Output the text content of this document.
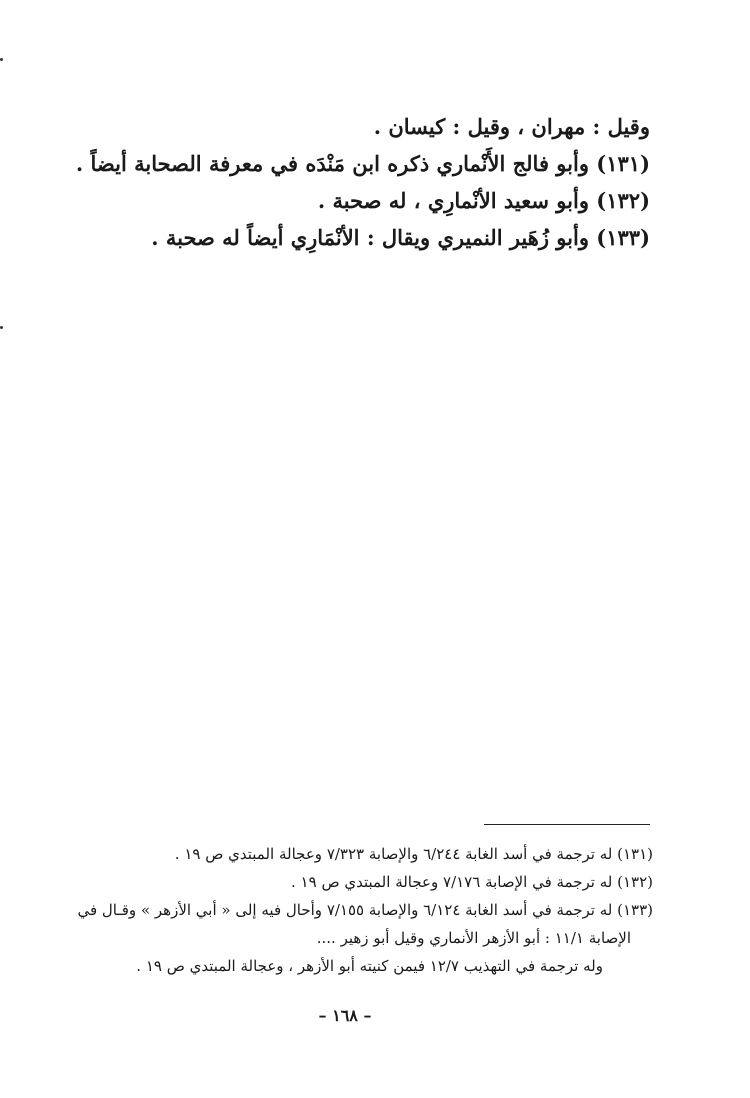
وقيل : مهران ، وقيل : كيسان .
(١٣١) وأبو فالج الأَنْماري ذكره ابن مَنْدَه في معرفة الصحابة أيضاً .
(١٣٢) وأبو سعيد الأنْمارِي ، له صحبة .
(١٣٣) وأبو زُهَير النميري ويقال : الأنْمَارِي أيضاً له صحبة .
(١٣١) له ترجمة في أسد الغابة ٦/٢٤٤ والإصابة ٧/٣٢٣ وعجالة المبتدي ص ١٩ .
(١٣٢) له ترجمة في الإصابة ٧/١٧٦ وعجالة المبتدي ص ١٩ .
(١٣٣) له ترجمة في أسد الغابة ٦/١٢٤ والإصابة ٧/١٥٥ وأحال فيه إلى « أبي الأزهر » وقـال في
الإصابة ١١/١ : أبو الأزهر الأنماري وقيل أبو زهير ....
وله ترجمة في التهذيب ١٢/٧ فيمن كنيته أبو الأزهر ، وعجالة المبتدي ص ١٩ .
– ١٦٨ –
